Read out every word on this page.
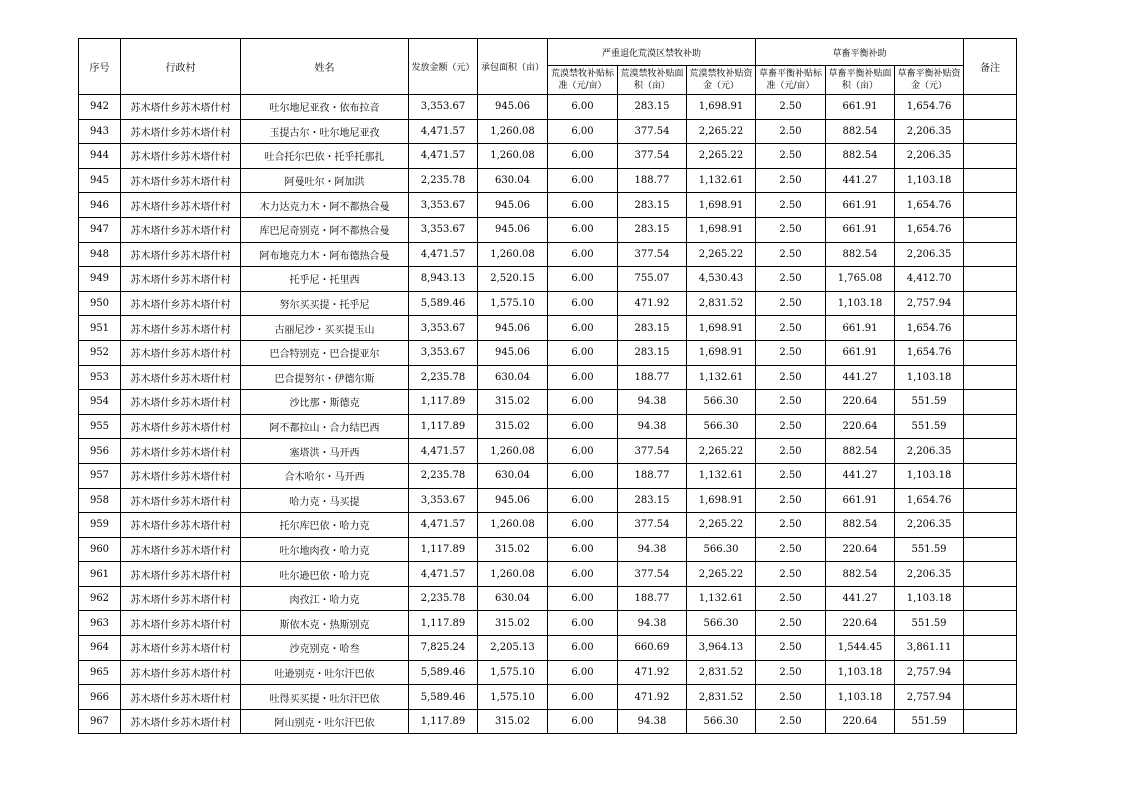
序号	行政村	姓名	发放金额（元）	承包面积（亩）	严重退化荒漠区禁牧补助			草畜平衡补助			备注
					荒漠禁牧补贴标准（元/亩）	荒漠禁牧补贴面积（亩）	荒漠禁牧补贴资金（元）	草畜平衡补贴标准（元/亩）	草畜平衡补贴面积（亩）	草畜平衡补贴资金（元）	
942	苏木塔什乡苏木塔什村	吐尔地尼亚孜・依布拉音	3,353.67	945.06	6.00	283.15	1,698.91	2.50	661.91	1,654.76	
943	苏木塔什乡苏木塔什村	玉提古尔・吐尔地尼亚孜	4,471.57	1,260.08	6.00	377.54	2,265.22	2.50	882.54	2,206.35	
944	苏木塔什乡苏木塔什村	吐合托尔巴依・托乎托那扎	4,471.57	1,260.08	6.00	377.54	2,265.22	2.50	882.54	2,206.35	
945	苏木塔什乡苏木塔什村	阿曼吐尔・阿加洪	2,235.78	630.04	6.00	188.77	1,132.61	2.50	441.27	1,103.18	
946	苏木塔什乡苏木塔什村	木力达克力木・阿不都热合曼	3,353.67	945.06	6.00	283.15	1,698.91	2.50	661.91	1,654.76	
947	苏木塔什乡苏木塔什村	库巴尼奇别克・阿不都热合曼	3,353.67	945.06	6.00	283.15	1,698.91	2.50	661.91	1,654.76	
948	苏木塔什乡苏木塔什村	阿布地克力木・阿布德热合曼	4,471.57	1,260.08	6.00	377.54	2,265.22	2.50	882.54	2,206.35	
949	苏木塔什乡苏木塔什村	托乎尼・托里西	8,943.13	2,520.15	6.00	755.07	4,530.43	2.50	1,765.08	4,412.70	
950	苏木塔什乡苏木塔什村	努尔买买提・托乎尼	5,589.46	1,575.10	6.00	471.92	2,831.52	2.50	1,103.18	2,757.94	
951	苏木塔什乡苏木塔什村	古丽尼沙・买买提玉山	3,353.67	945.06	6.00	283.15	1,698.91	2.50	661.91	1,654.76	
952	苏木塔什乡苏木塔什村	巴合特别克・巴合提亚尔	3,353.67	945.06	6.00	283.15	1,698.91	2.50	661.91	1,654.76	
953	苏木塔什乡苏木塔什村	巴合提努尔・伊德尔斯	2,235.78	630.04	6.00	188.77	1,132.61	2.50	441.27	1,103.18	
954	苏木塔什乡苏木塔什村	沙比那・斯德克	1,117.89	315.02	6.00	94.38	566.30	2.50	220.64	551.59	
955	苏木塔什乡苏木塔什村	阿不都拉山・合力结巴西	1,117.89	315.02	6.00	94.38	566.30	2.50	220.64	551.59	
956	苏木塔什乡苏木塔什村	塞塔洪・马开西	4,471.57	1,260.08	6.00	377.54	2,265.22	2.50	882.54	2,206.35	
957	苏木塔什乡苏木塔什村	合木哈尔・马开西	2,235.78	630.04	6.00	188.77	1,132.61	2.50	441.27	1,103.18	
958	苏木塔什乡苏木塔什村	哈力克・马买提	3,353.67	945.06	6.00	283.15	1,698.91	2.50	661.91	1,654.76	
959	苏木塔什乡苏木塔什村	托尔库巴依・哈力克	4,471.57	1,260.08	6.00	377.54	2,265.22	2.50	882.54	2,206.35	
960	苏木塔什乡苏木塔什村	吐尔地肉孜・哈力克	1,117.89	315.02	6.00	94.38	566.30	2.50	220.64	551.59	
961	苏木塔什乡苏木塔什村	吐尔逊巴依・哈力克	4,471.57	1,260.08	6.00	377.54	2,265.22	2.50	882.54	2,206.35	
962	苏木塔什乡苏木塔什村	肉孜江・哈力克	2,235.78	630.04	6.00	188.77	1,132.61	2.50	441.27	1,103.18	
963	苏木塔什乡苏木塔什村	斯依木克・热斯别克	1,117.89	315.02	6.00	94.38	566.30	2.50	220.64	551.59	
964	苏木塔什乡苏木塔什村	沙克别克・哈叁	7,825.24	2,205.13	6.00	660.69	3,964.13	2.50	1,544.45	3,861.11	
965	苏木塔什乡苏木塔什村	吐逊别克・吐尔汗巴依	5,589.46	1,575.10	6.00	471.92	2,831.52	2.50	1,103.18	2,757.94	
966	苏木塔什乡苏木塔什村	吐得买买提・吐尔汗巴依	5,589.46	1,575.10	6.00	471.92	2,831.52	2.50	1,103.18	2,757.94	
967	苏木塔什乡苏木塔什村	阿山别克・吐尔汗巴依	1,117.89	315.02	6.00	94.38	566.30	2.50	220.64	551.59	
